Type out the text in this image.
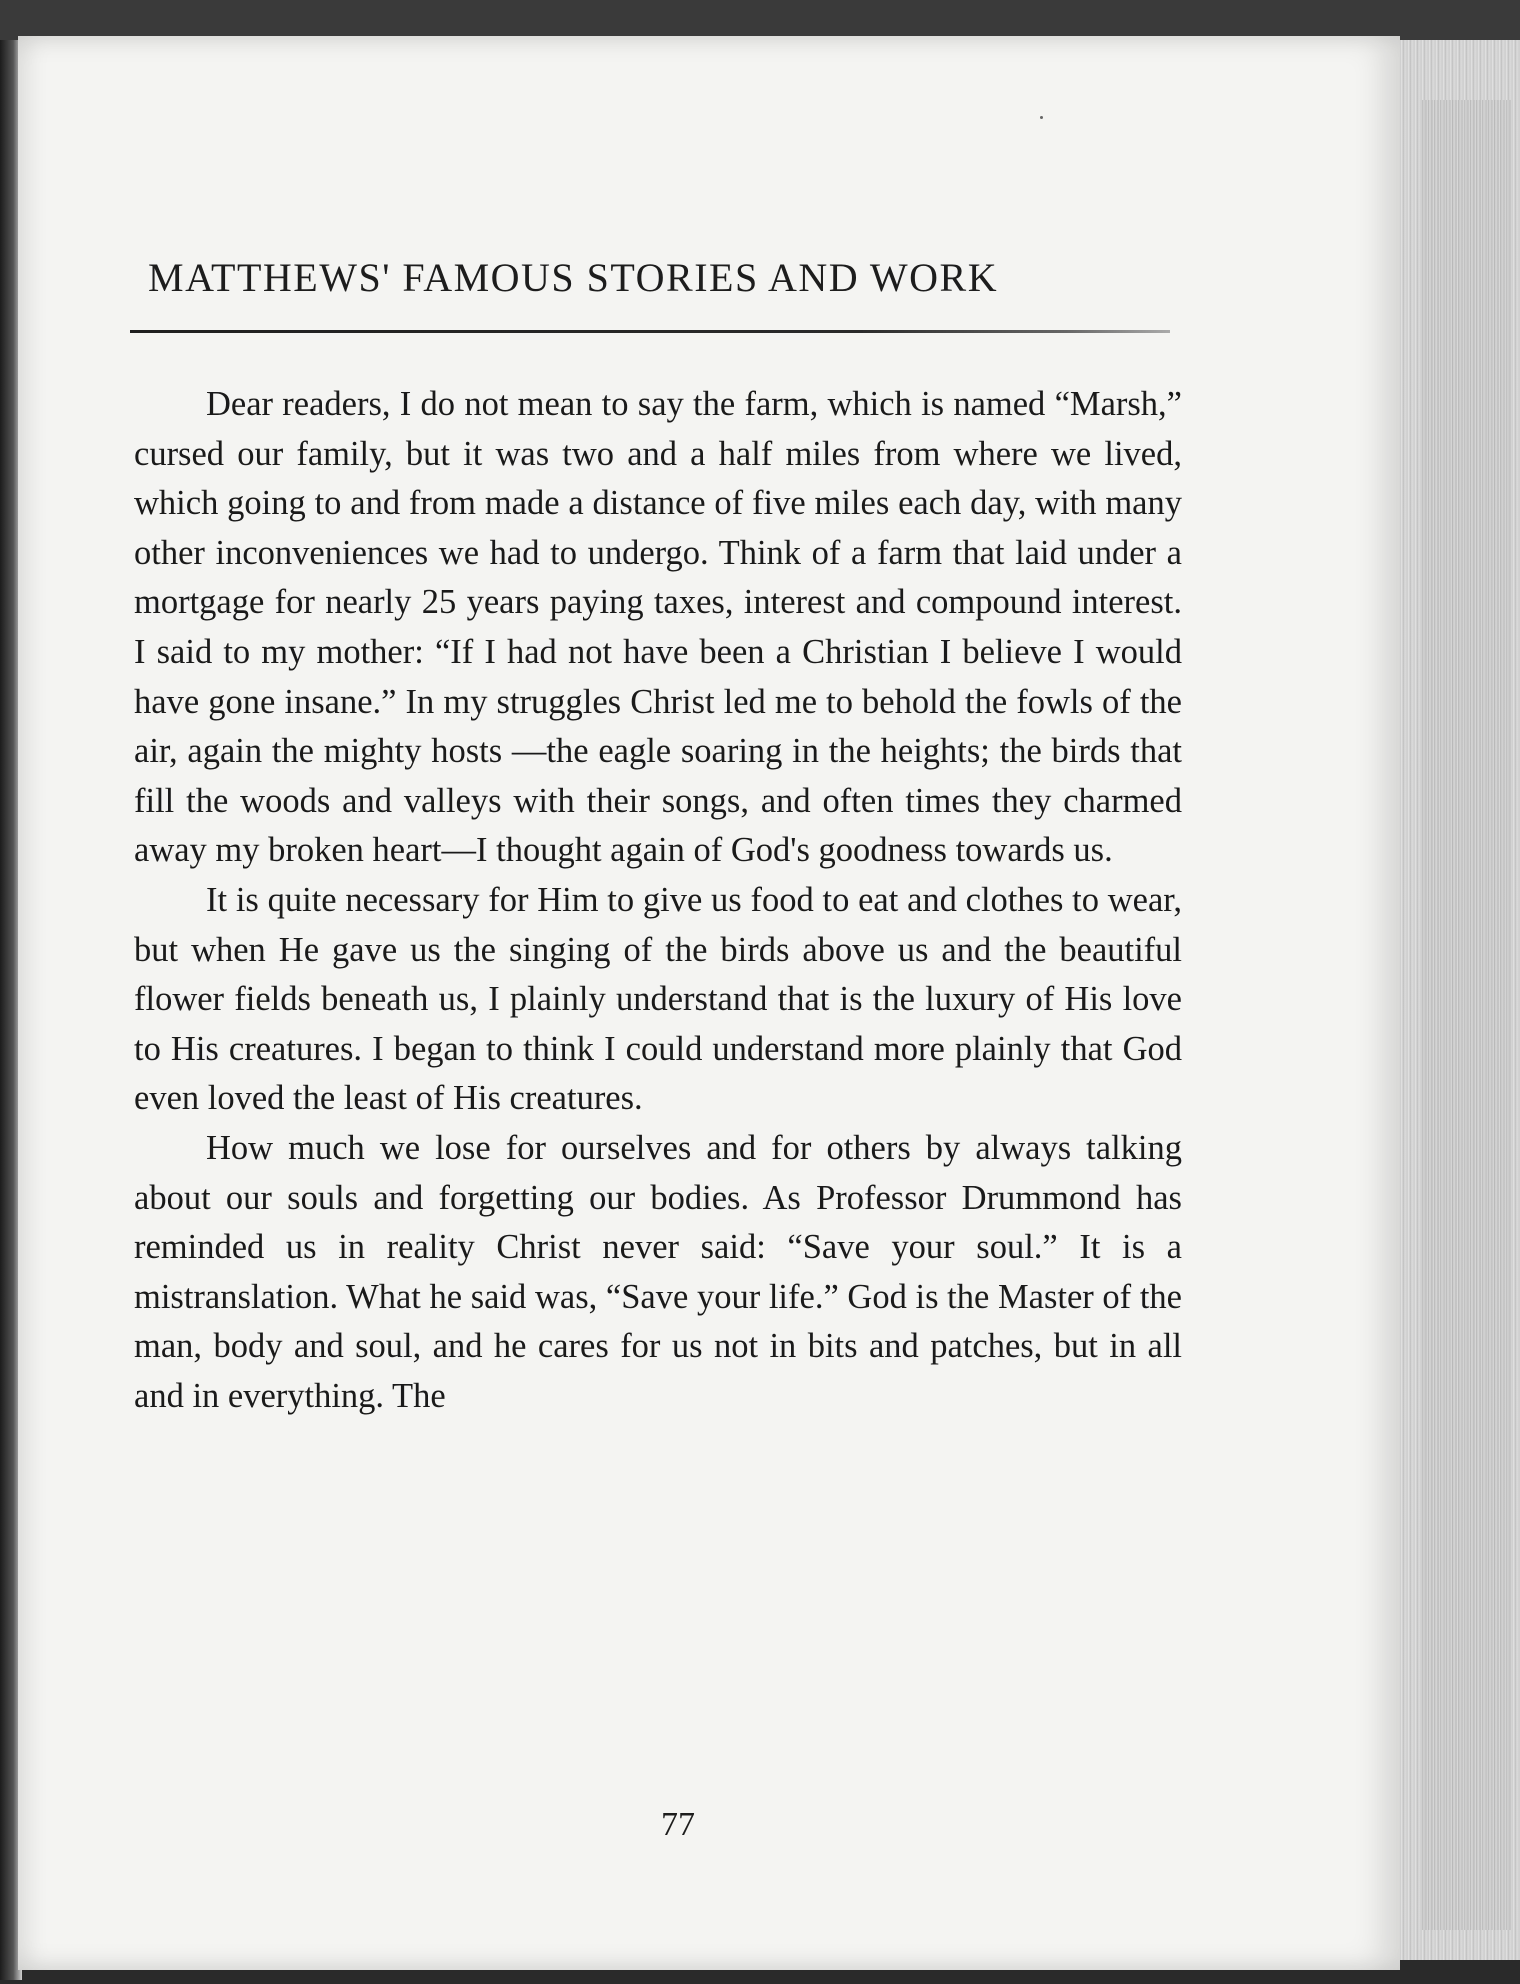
MATTHEWS' FAMOUS STORIES AND WORK

Dear readers, I do not mean to say the farm, which is named “Marsh,” cursed our family, but it was two and a half miles from where we lived, which going to and from made a distance of five miles each day, with many other inconveniences we had to undergo. Think of a farm that laid under a mortgage for nearly 25 years paying taxes, interest and compound interest. I said to my mother: “If I had not have been a Christian I believe I would have gone insane.” In my struggles Christ led me to behold the fowls of the air, again the mighty hosts —the eagle soaring in the heights; the birds that fill the woods and valleys with their songs, and often times they charmed away my broken heart—I thought again of God's goodness towards us.

It is quite necessary for Him to give us food to eat and clothes to wear, but when He gave us the singing of the birds above us and the beautiful flower fields beneath us, I plainly understand that is the luxury of His love to His creatures. I began to think I could understand more plainly that God even loved the least of His creatures.

How much we lose for ourselves and for others by always talking about our souls and forgetting our bodies. As Professor Drummond has reminded us in reality Christ never said: “Save your soul.” It is a mistranslation. What he said was, “Save your life.” God is the Master of the man, body and soul, and he cares for us not in bits and patches, but in all and in everything. The

77
